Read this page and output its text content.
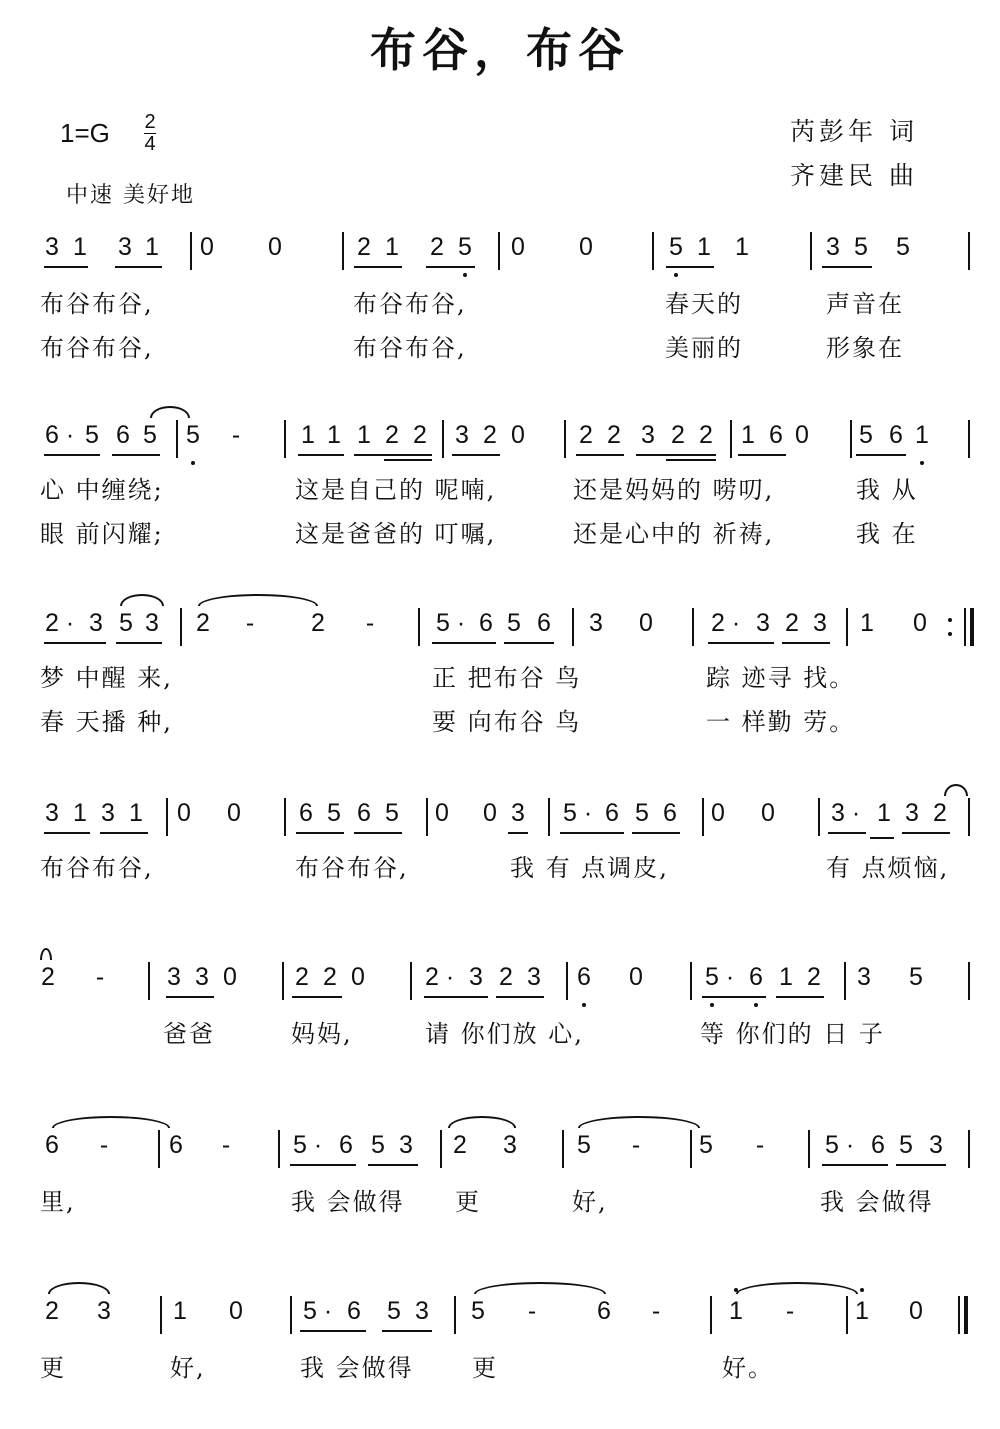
布谷，布谷
1=G 2
4
中速 美好地
芮彭年 词
齐建民 曲
3 1 3 1 0 0	2 1 2 5 0 0	5 1 1	3 5 5
布谷布谷,	布谷布谷,	春天的	声音在
布谷布谷,	布谷布谷,	美丽的	形象在
6 · 5 6 5 5 - 1 1 1 2 2 3 2 0 2 2 3 2 2 1 6 0 5 6 1
心 中缠绕;	这是自己的 呢喃,	还是妈妈的 唠叨,	我 从
眼 前闪耀;	这是爸爸的 叮嘱,	还是心中的 祈祷,	我 在
2 · 3 5 3 2 - 2 - 5 · 6 5 6 3 0 2 · 3 2 3 1 0
梦 中醒 来,	正 把布谷 鸟	踪 迹寻 找。
春 天播 种,	要 向布谷 鸟	一 样勤 劳。
3 1 3 1 0 0 6 5 6 5 0 0 3 5 · 6 5 6 0 0 3 · 1 3 2
布谷布谷,	布谷布谷,	我 有 点调皮,	有 点烦恼,
2 -	3 3 0 2 2 0 2 · 3 2 3 6 0 5 · 6 1 2 3 5
爸爸	妈妈,	请 你们放 心,	等 你们的 日 子
6 - 6 -	5 · 6 5 3 2 3 5 - 5 - 5 · 6 5 3
里,	我 会做得 更	好,	我 会做得
2 3 1 0 5 · 6 5 3 5 - 6 -	1 - 1 0
更	好,	我 会做得 更	好。
